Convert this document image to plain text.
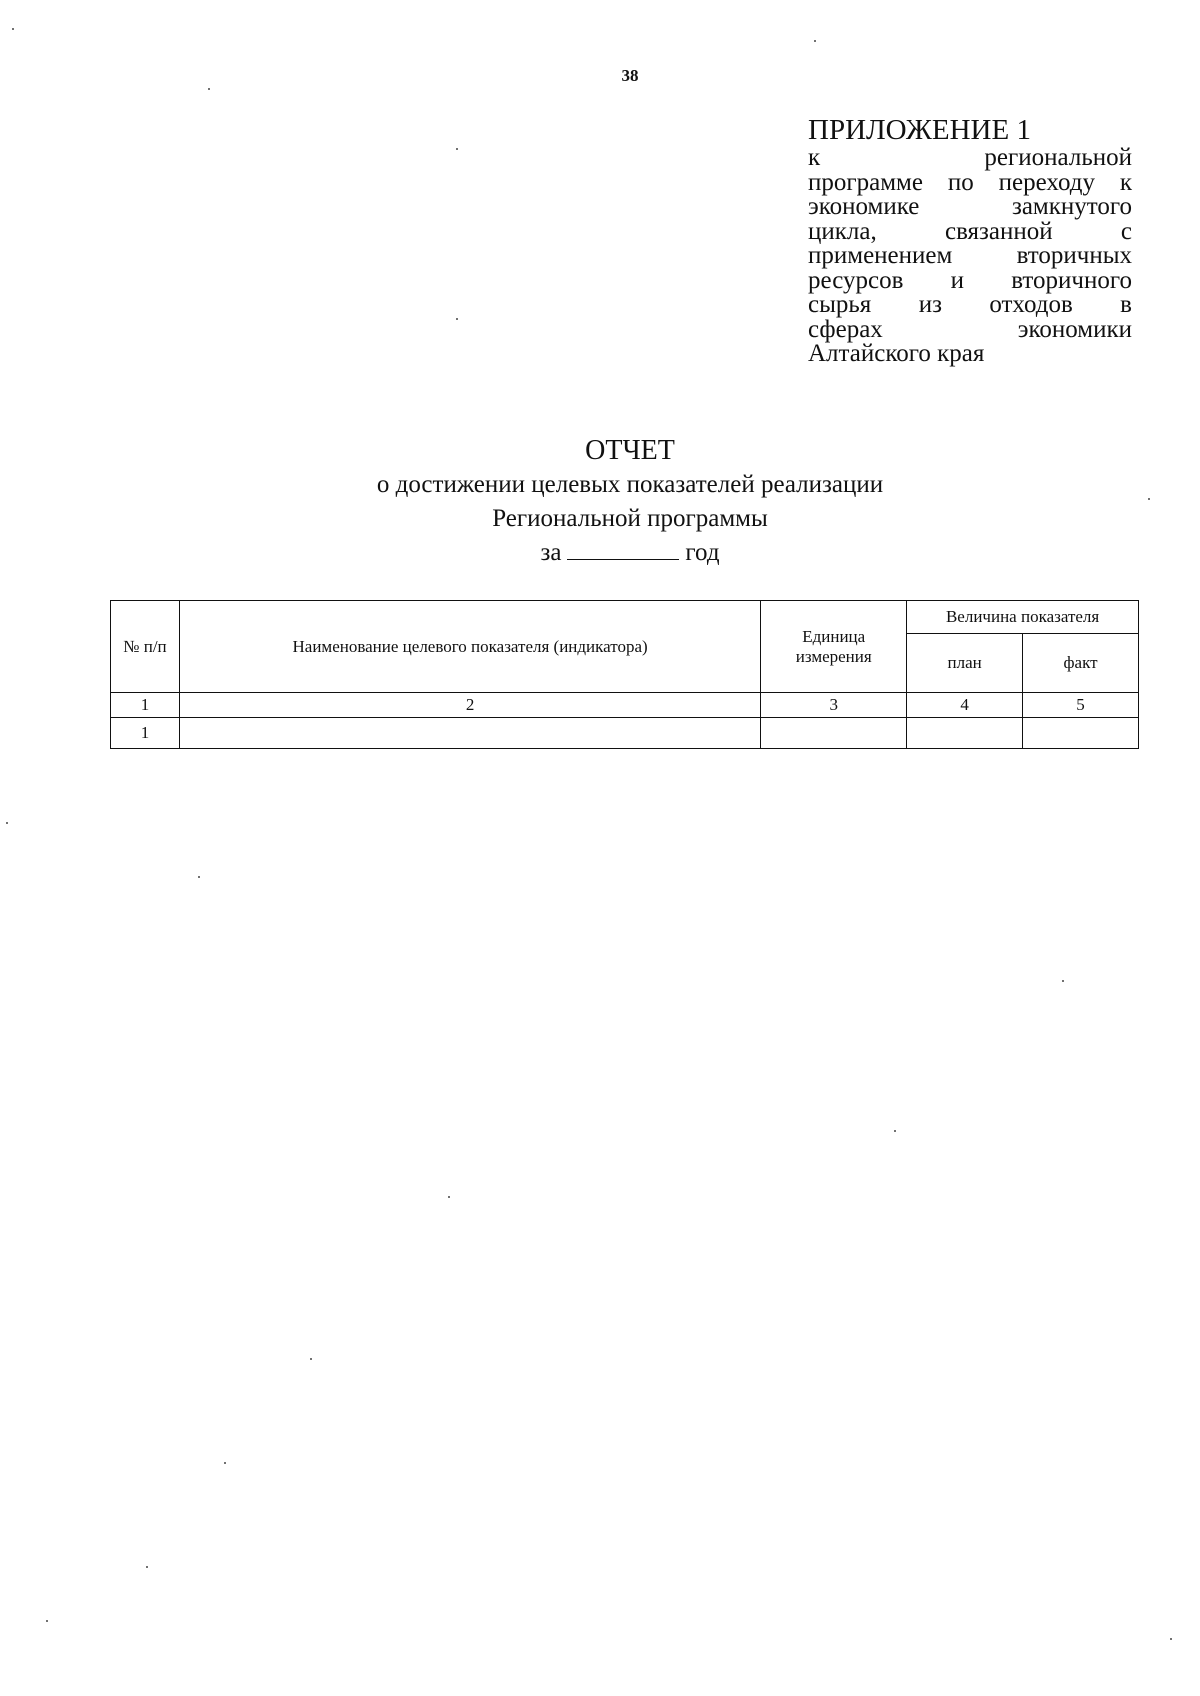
38
ПРИЛОЖЕНИЕ 1
к региональной
программе по переходу к
экономике замкнутого
цикла, связанной с
применением вторичных
ресурсов и вторичного
сырья из отходов в
сферах экономики
Алтайского края
ОТЧЕТ
о достижении целевых показателей реализации
Региональной программы
за	год
№ п/п	Наименование целевого показателя (индикатора)	Единица измерения	Величина показателя	
			план	факт
1	2	3	4	5
1				
